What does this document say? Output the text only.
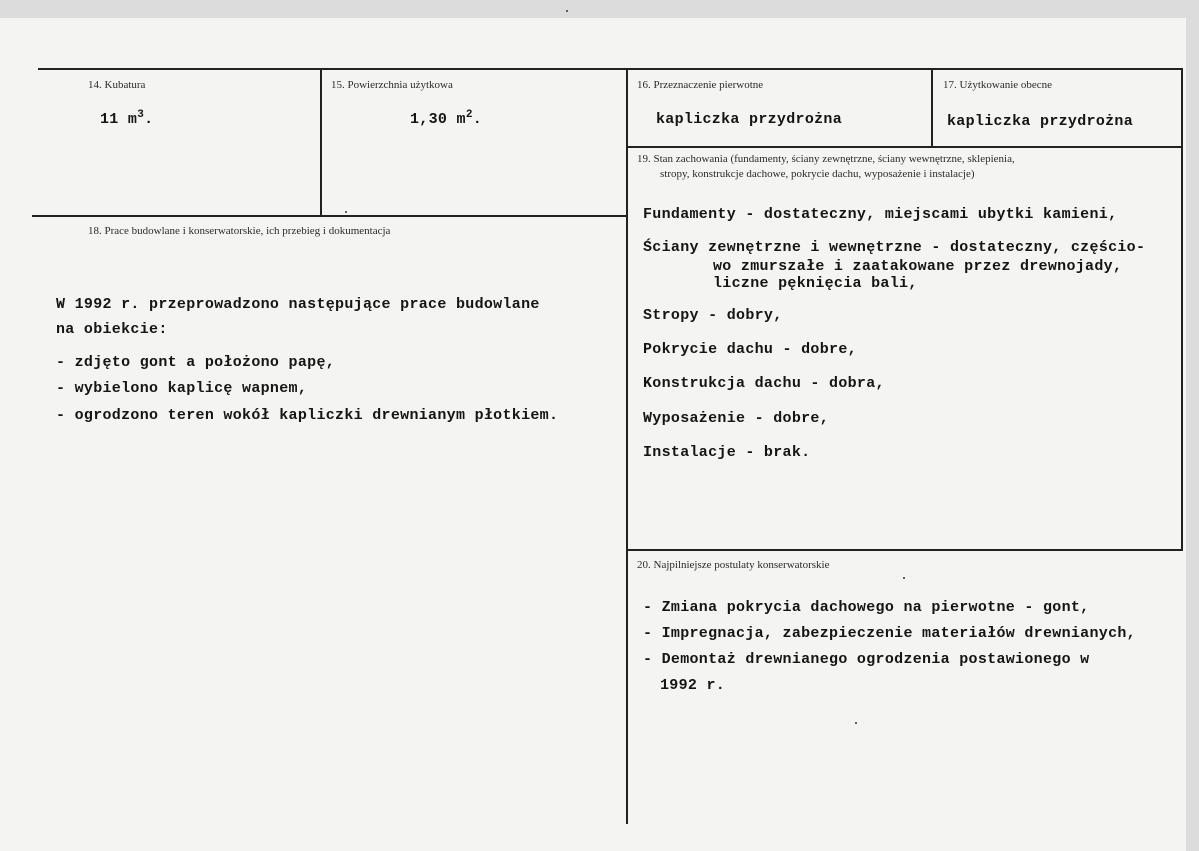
14. Kubatura
11 $m^3$.
15. Powierzchnia użytkowa
1,30 $m^2$.
16. Przeznaczenie pierwotne
kapliczka przydrożna
17. Użytkowanie obecne
kapliczka przydrożna
18. Prace budowlane i konserwatorskie, ich przebieg i dokumentacja
W 1992 r. przeprowadzono następujące prace budowlane
na obiekcie:
- zdjęto gont a położono papę,
- wybielono kaplicę wapnem,
- ogrodzono teren wokół kapliczki drewnianym płotkiem.
19. Stan zachowania (fundamenty, ściany zewnętrzne, ściany wewnętrzne, sklepienia,
stropy, konstrukcje dachowe, pokrycie dachu, wyposażenie i instalacje)
Fundamenty - dostateczny, miejscami ubytki kamieni,
Ściany zewnętrzne i wewnętrzne - dostateczny, częścio-
wo zmurszałe i zaatakowane przez drewnojady,
liczne pęknięcia bali,
Stropy - dobry,
Pokrycie dachu - dobre,
Konstrukcja dachu - dobra,
Wyposażenie - dobre,
Instalacje - brak.
20. Najpilniejsze postulaty konserwatorskie
- Zmiana pokrycia dachowego na pierwotne - gont,
- Impregnacja, zabezpieczenie materiałów drewnianych,
- Demontaż drewnianego ogrodzenia postawionego w
1992 r.
